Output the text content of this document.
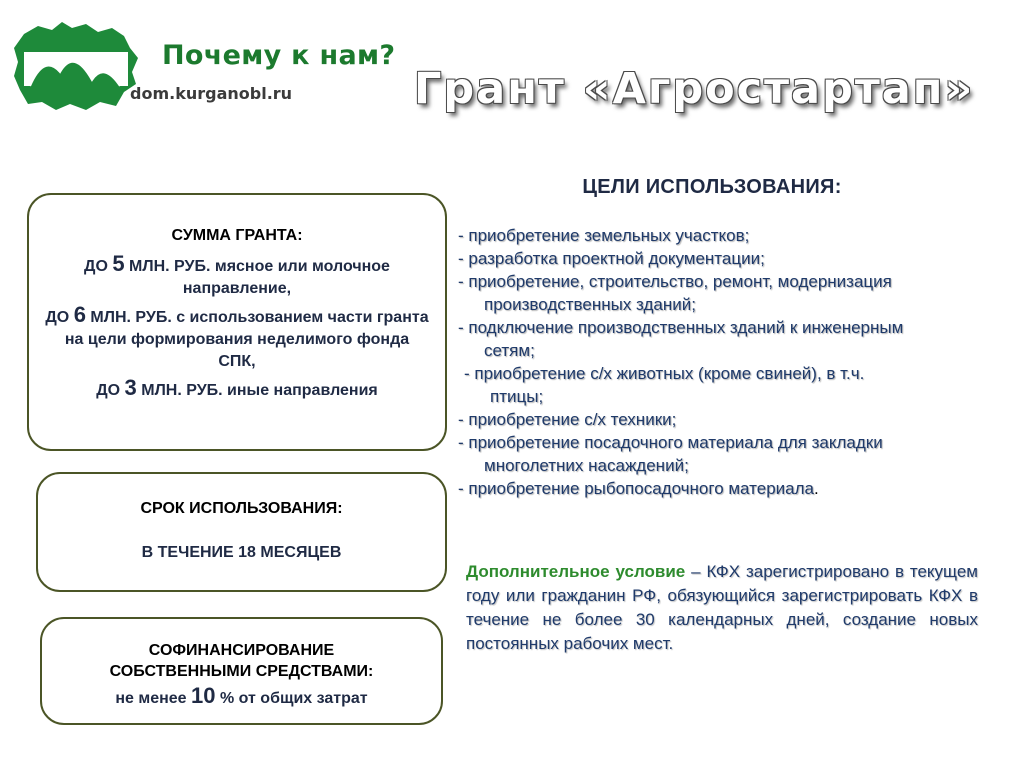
Почему к нам?

dom.kurganobl.ru	Грант «Агростартап»

СУММА ГРАНТА:

ДО 5 МЛН. РУБ. мясное или молочное направление,

ДО 6 МЛН. РУБ. с использованием части гранта на цели формирования неделимого фонда СПК,

ДО 3 МЛН. РУБ. иные направления

СРОК ИСПОЛЬЗОВАНИЯ:

В ТЕЧЕНИЕ 18 МЕСЯЦЕВ

СОФИНАНСИРОВАНИЕ

СОБСТВЕННЫМИ СРЕДСТВАМИ:

не менее 10 % от общих затрат

ЦЕЛИ ИСПОЛЬЗОВАНИЯ:
- приобретение земельных участков;
- разработка проектной документации;
- приобретение, строительство, ремонт, модернизация
производственных зданий;
- подключение производственных зданий к инженерным
сетям;
- приобретение с/х животных (кроме свиней), в т.ч.
птицы;
- приобретение с/х техники;
- приобретение посадочного материала для закладки
многолетних насаждений;
- приобретение рыбопосадочного материала.

Дополнительное условие – КФХ зарегистрировано в текущем году или гражданин РФ, обязующийся зарегистрировать КФХ в течение не более 30 календарных дней, создание новых постоянных рабочих мест.
